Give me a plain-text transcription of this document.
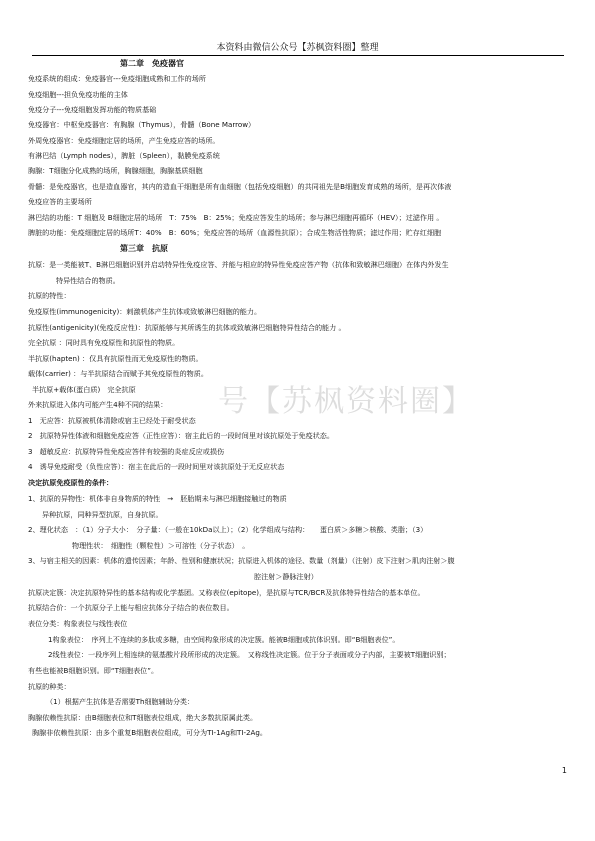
本资料由微信公众号【苏枫资料圈】整理
号【苏枫资料圈】
第二章　免疫器官
免疫系统的组成：免疫器官---免疫细胞成熟和工作的场所
免疫细胞---担负免疫功能的主体
免疫分子---免疫细胞发挥功能的物质基础
免疫器官：中枢免疫器官：有胸腺（Thymus），骨髓（Bone Marrow）
外周免疫器官：免疫细胞定居的场所，产生免疫应答的场所。
有淋巴结（Lymph nodes），脾脏（Spleen），黏膜免疫系统
胸腺：T细胞分化成熟的场所，胸腺细胞，胸腺基质细胞
骨髓：是免疫器官，也是造血器官，其内的造血干细胞是所有血细胞（包括免疫细胞）的共同祖先是B细胞发育成熟的场所，是再次体液
免疫应答的主要场所
淋巴结的功能：T 细胞及 B细胞定居的场所　T：75%　B：25%；免疫应答发生的场所；参与淋巴细胞再循环（HEV）；过滤作用 。
脾脏的功能：免疫细胞定居的场所T：40%　B：60%；免疫应答的场所（血源性抗原）；合成生物活性物质；滤过作用；贮存红细胞
第三章　抗原
抗原：是一类能被T、B淋巴细胞识别并启动特异性免疫应答、并能与相应的特异性免疫应答产物（抗体和致敏淋巴细胞）在体内外发生
特异性结合的物质。
抗原的特性：
免疫原性(immunogenicity)：刺激机体产生抗体或致敏淋巴细胞的能力。
抗原性(antigenicity)(免疫反应性)：抗原能够与其所诱生的抗体或致敏淋巴细胞特异性结合的能力 。
完全抗原 ：同时具有免疫原性和抗原性的物质。
半抗原(hapten) ：仅具有抗原性而无免疫原性的物质。
载体(carrier) ：与半抗原结合而赋予其免疫原性的物质。
半抗原+载体(蛋白质)　完全抗原
外来抗原进入体内可能产生4种不同的结果：
1　无应答：抗原被机体清除或宿主已经处于耐受状态
2　抗原特异性体液和细胞免疫应答（正性应答）：宿主此后的一段时间里对该抗原处于免疫状态。
3　超敏反应：抗原特异性免疫应答伴有较强的炎症反应或损伤
4　诱导免疫耐受（负性应答）：宿主在此后的一段时间里对该抗原处于无反应状态
决定抗原免疫原性的条件：
1、抗原的异物性：机体非自身物质的特性　→　胚胎期未与淋巴细胞接触过的物质
异种抗原，同种异型抗原，自身抗原。
2、理化状态　：（1）分子大小：　分子量：（一般在10kDa以上）；（2）化学组成与结构：　　蛋白质＞多糖＞核酸、类脂；（3）
物理性状：　细胞性（颗粒性）＞可溶性（分子状态）　。
3、与宿主相关的因素：机体的遗传因素；年龄、性别和健康状况；抗原进入机体的途径、数量（剂量）（注射）皮下注射＞肌肉注射＞腹
腔注射＞静脉注射）
抗原决定簇：决定抗原特异性的基本结构或化学基团。又称表位(epitope)，是抗原与TCR/BCR及抗体特异性结合的基本单位。
抗原结合价：一个抗原分子上能与相应抗体分子结合的表位数目。
表位分类：构象表位与线性表位
1构象表位：　序列上不连续的多肽或多糖，由空间构象形成的决定簇。能被B细胞或抗体识别。即“B细胞表位”。
2线性表位：一段序列上相连续的氨基酸片段所形成的决定簇。　又称线性决定簇。位于分子表面或分子内部，主要被T细胞识别；
有些也能被B细胞识别。即“T细胞表位”。
抗原的种类：
（1）根据产生抗体是否需要Th细胞辅助分类：
胸腺依赖性抗原：由B细胞表位和T细胞表位组成，绝大多数抗原属此类。
胸腺非依赖性抗原：由多个重复B细胞表位组成，可分为TI-1Ag和TI-2Ag。
1
